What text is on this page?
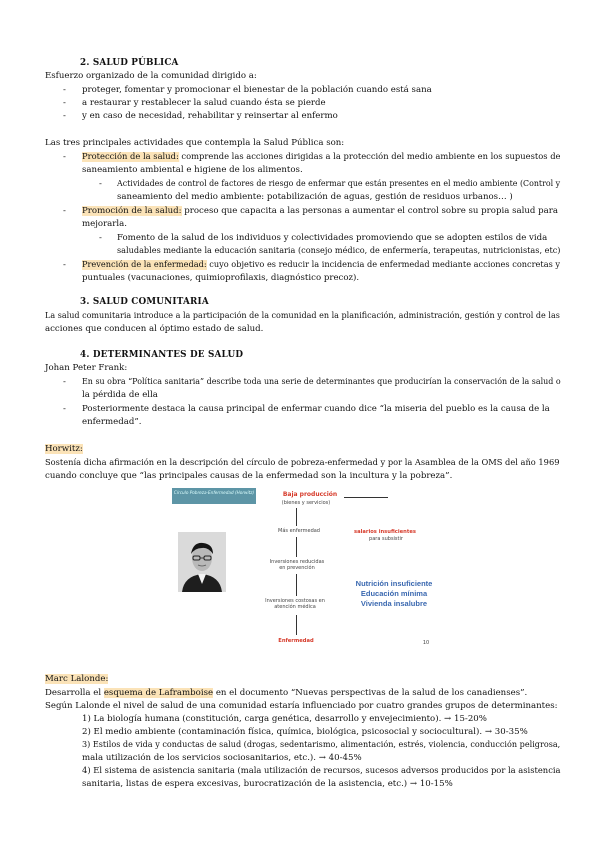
2. SALUD PÚBLICA
Esfuerzo organizado de la comunidad dirigido a:
- proteger, fomentar y promocionar el bienestar de la población cuando está sana
- a restaurar y restablecer la salud cuando ésta se pierde
- y en caso de necesidad, rehabilitar y reinsertar al enfermo
Las tres principales actividades que contempla la Salud Pública son:
- Protección de la salud: comprende las acciones dirigidas a la protección del medio ambiente en los supuestos de
saneamiento ambiental e higiene de los alimentos.
- Actividades de control de factores de riesgo de enfermar que están presentes en el medio ambiente (Control y
saneamiento del medio ambiente: potabilización de aguas, gestión de residuos urbanos… )
- Promoción de la salud: proceso que capacita a las personas a aumentar el control sobre su propia salud para
mejorarla.
- Fomento de la salud de los individuos y colectividades promoviendo que se adopten estilos de vida
saludables mediante la educación sanitaria (consejo médico, de enfermería, terapeutas, nutricionistas, etc)
- Prevención de la enfermedad: cuyo objetivo es reducir la incidencia de enfermedad mediante acciones concretas y
puntuales (vacunaciones, quimioprofilaxis, diagnóstico precoz).
3. SALUD COMUNITARIA
La salud comunitaria introduce a la participación de la comunidad en la planificación, administración, gestión y control de las
acciones que conducen al óptimo estado de salud.
4. DETERMINANTES DE SALUD
Johan Peter Frank:
- En su obra “Política sanitaria” describe toda una serie de determinantes que producirían la conservación de la salud o
la pérdida de ella
- Posteriormente destaca la causa principal de enfermar cuando dice “la miseria del pueblo es la causa de la
enfermedad”.
Horwitz:
Sostenía dicha afirmación en la descripción del círculo de pobreza-enfermedad y por la Asamblea de la OMS del año 1969
cuando concluye que “las principales causas de la enfermedad son la incultura y la pobreza”.
Círculo Pobreza-Enfermedad (Horwitz)	Baja producción
(bienes y servicios)
Más enfermedad	salarios insuficientes
para subsistir
Inversiones reducidas en prevención
Nutrición insuficiente
Educación mínima
Vivienda insalubre
Inversiones costosas en atención médica
Enfermedad	10
Marc Lalonde:
Desarrolla el esquema de Laframboise en el documento “Nuevas perspectivas de la salud de los canadienses”.
Según Lalonde el nivel de salud de una comunidad estaría influenciado por cuatro grandes grupos de determinantes:
1) La biología humana (constitución, carga genética, desarrollo y envejecimiento). → 15-20%
2) El medio ambiente (contaminación física, química, biológica, psicosocial y sociocultural). → 30-35%
3) Estilos de vida y conductas de salud (drogas, sedentarismo, alimentación, estrés, violencia, conducción peligrosa,
mala utilización de los servicios sociosanitarios, etc.). → 40-45%
4) El sistema de asistencia sanitaria (mala utilización de recursos, sucesos adversos producidos por la asistencia
sanitaria, listas de espera excesivas, burocratización de la asistencia, etc.) → 10-15%
